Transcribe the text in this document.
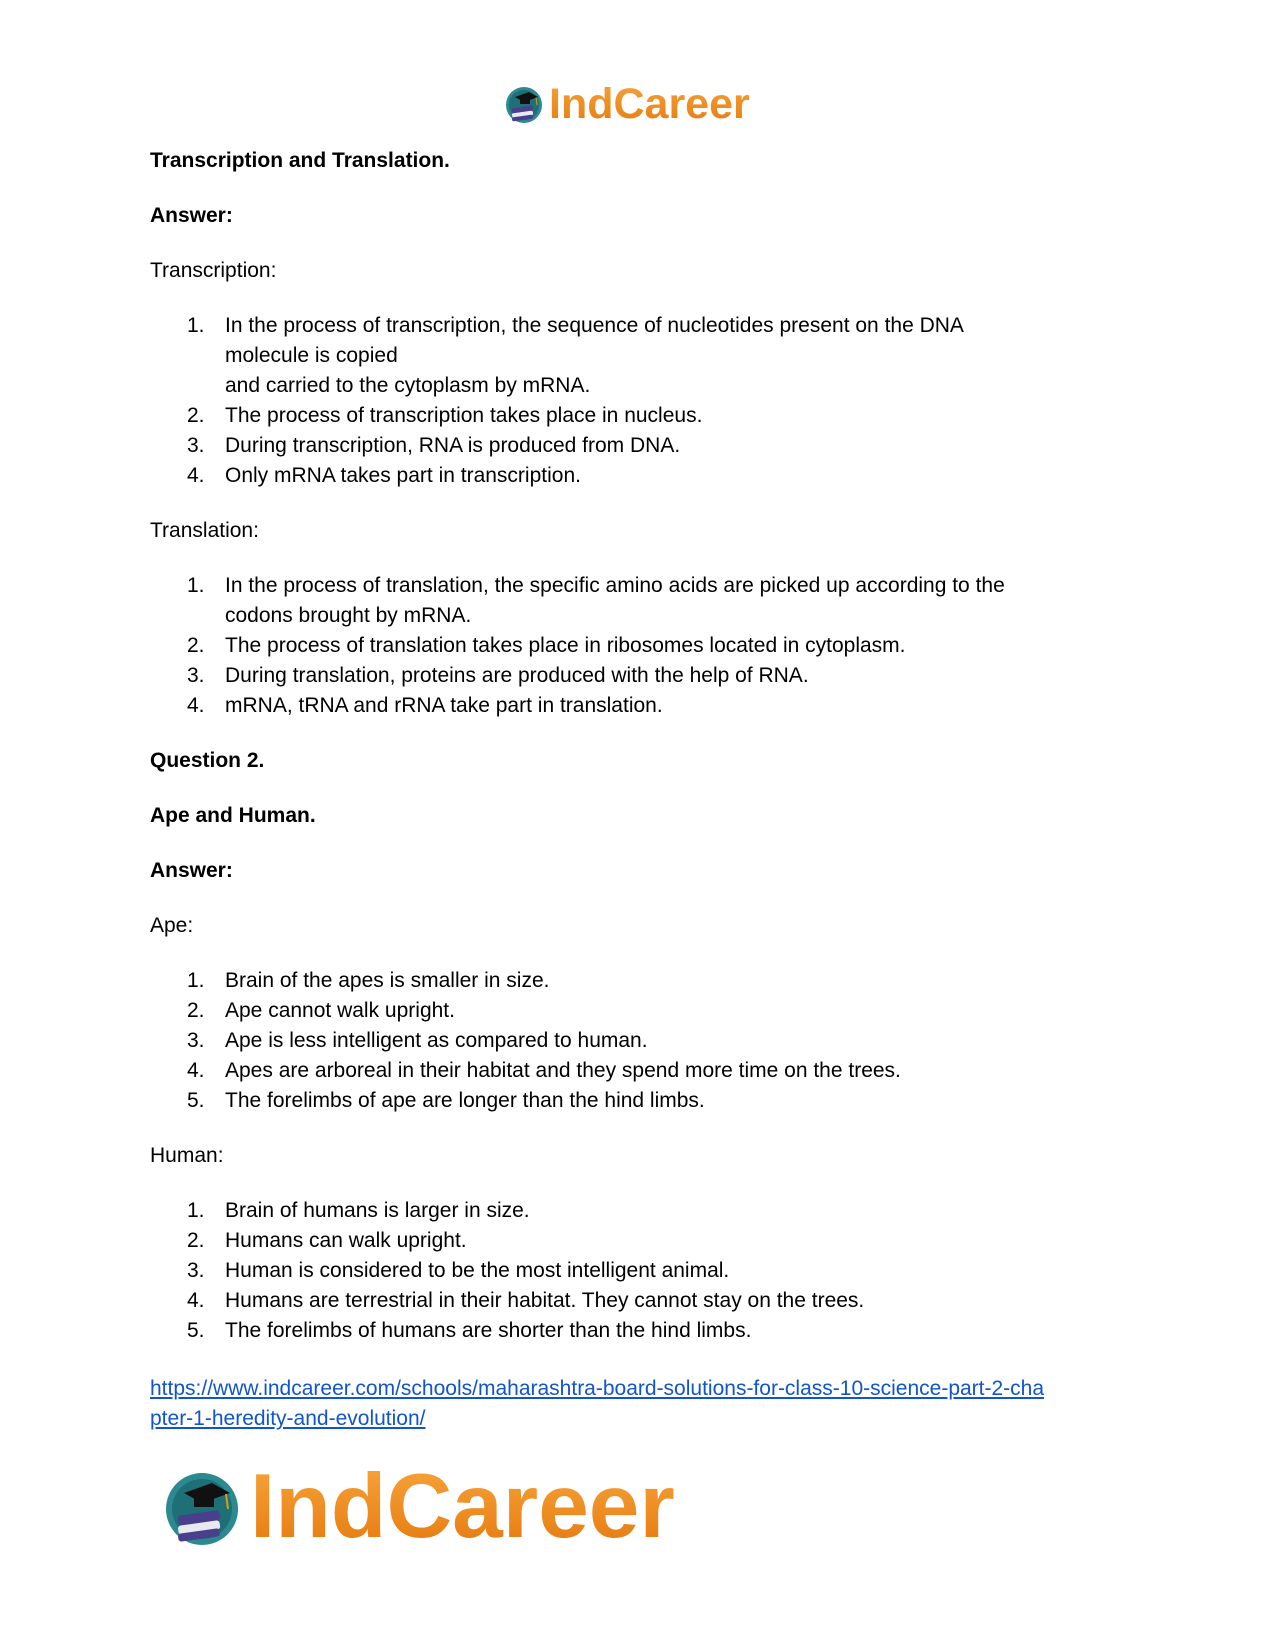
IndCareer

Transcription and Translation.

Answer:

Transcription:

1. In the process of transcription, the sequence of nucleotides present on the DNA
molecule is copied
and carried to the cytoplasm by mRNA.
2. The process of transcription takes place in nucleus.
3. During transcription, RNA is produced from DNA.
4. Only mRNA takes part in transcription.

Translation:

1. In the process of translation, the specific amino acids are picked up according to the
codons brought by mRNA.
2. The process of translation takes place in ribosomes located in cytoplasm.
3. During translation, proteins are produced with the help of RNA.
4. mRNA, tRNA and rRNA take part in translation.

Question 2.

Ape and Human.

Answer:

Ape:

1. Brain of the apes is smaller in size.
2. Ape cannot walk upright.
3. Ape is less intelligent as compared to human.
4. Apes are arboreal in their habitat and they spend more time on the trees.
5. The forelimbs of ape are longer than the hind limbs.

Human:

1. Brain of humans is larger in size.
2. Humans can walk upright.
3. Human is considered to be the most intelligent animal.
4. Humans are terrestrial in their habitat. They cannot stay on the trees.
5. The forelimbs of humans are shorter than the hind limbs.
https://www.indcareer.com/schools/maharashtra-board-solutions-for-class-10-science-part-2-cha
pter-1-heredity-and-evolution/
IndCareer
